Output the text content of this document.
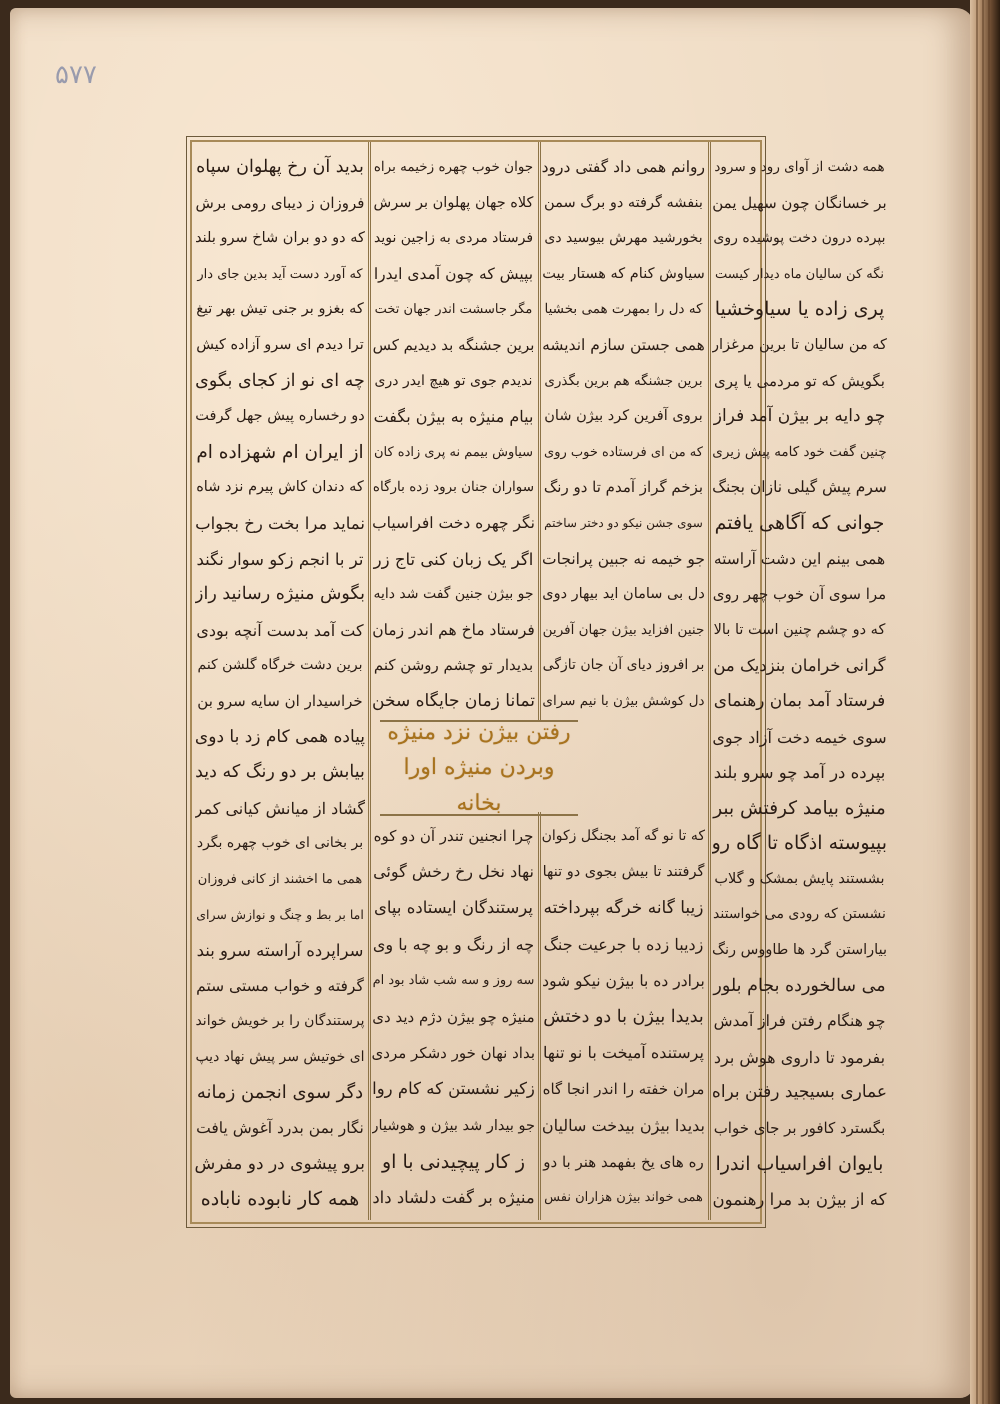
۵۷۷
رفتن بیژن نزد منیژه وبردن منیژه اورا بخانه
بدید آن رخ پهلوان سپاه
فروزان ز دیبای رومی برش
که دو دو بران شاخ سرو بلند
که آورد دست آید بدین جای دار
که بغزو بر جنی تیش بهر تیغ
ترا دیدم ای سرو آزاده کیش
چه ای نو از کجای بگوی
دو رخساره پیش جهل گرفت
از ایران ام شهزاده ام
که دندان کاش پیرم نزد شاه
نماید مرا بخت رخ بجواب
تر با انجم زکو سوار نگند
بگوش منیژه رسانید راز
کت آمد بدست آنچه بودی
برین دشت خرگاه گلشن کنم
خراسیدار ان سایه سرو بن
پیاده همی کام زد با دوی
بیابش بر دو رنگ که دید
گشاد از میانش کیانی کمر
بر بخانی ای خوب چهره بگرد
همی ما اخشند از کانی فروزان
اما بر بط و چنگ و نوازش سرای
سراپرده آراسته سرو بند
گرفته و خواب مستی ستم
پرستندگان را بر خویش خواند
ای خوتیش سر پیش نهاد دیپ
دگر سوی انجمن زمانه
نگار بمن بدرد آغوش یافت
برو پیشوی در دو مفرش
همه کار نابوده ناباده
جوان خوب چهره زخیمه براه
کلاه جهان پهلوان بر سرش
فرستاد مردی به زاجین نوید
بپیش که چون آمدی ایدرا
مگر جاسشت اندر جهان تخت
برین جشنگه بد دیدیم کس
ندیدم جوی تو هیچ ایدر دری
بیام منیژه به بیژن بگفت
سیاوش بیمم نه پری زاده کان
سواران جنان برود زده بارگاه
نگر چهره دخت افراسیاب
اگر یک زبان کنی تاج زر
جو بیژن جنین گفت شد دایه
فرستاد ماخ هم اندر زمان
بدیدار تو چشم روشن کنم
تمانا زمان جایگاه سخن
روانم همی داد گفتی درود
بنفشه گرفته دو برگ سمن
بخورشید مهرش بیوسید دی
سیاوش کنام که هستار بیت
که دل را بمهرت همی بخشیا
همی جستن سازم اندیشه
برین جشنگه هم برین بگذری
بروی آفرین کرد بیژن شان
که من ای فرستاده خوب روی
بزخم گراز آمدم تا دو رنگ
سوی جشن نیکو دو دختر ساختم
جو خیمه نه جبین پرانجات
دل بی سامان اید بیهار دوی
جنین افزاید بیژن جهان آفرین
بر افروز دیای آن جان تازگی
دل کوشش بیژن با نیم سرای
که تا نو گه آمد بجنگل زکوان
گرفتند تا بیش بجوی دو تنها
زیبا گانه خرگه بپرداخته
زدیبا زده با جرعیت جنگ
برادر ده با بیژن نیکو شود
بدیدا بیژن با دو دختش
پرستنده آمیخت با نو تنها
مران خفته را اندر انجا گاه
بدیدا بیژن بیدخت سالیان
ره های یخ بفهمد هنر با دو
همی خواند بیژن هزاران نفس
چرا انجنین تندر آن دو کوه
نهاد نخل رخ رخش گوئی
پرستندگان ایستاده بپای
چه از رنگ و بو چه با وی
سه روز و سه شب شاد بود ام
منیژه چو بیژن دژم دید دی
بداد نهان خور دشکر مردی
زکیر نشستن که کام روا
جو بیدار شد بیژن و هوشیار
ز کار پیچیدنی با او
منیژه بر گفت دلشاد داد
همه دشت از آوای رود و سرود
بر خسانگان چون سهیل یمن
بپرده درون دخت پوشیده روی
نگه کن سالیان ماه دیدار کیست
پری زاده یا سیاوخشیا
که من سالیان تا برین مرغزار
بگویش که تو مردمی یا پری
چو دایه بر بیژن آمد فراز
چنین گفت خود کامه پیش زیری
سرم پیش گیلی نازان بجنگ
جوانی که آگاهی یافتم
همی بینم این دشت آراسته
مرا سوی آن خوب چهر روی
که دو چشم چنین است تا بالا
گرانی خرامان بنزدیک من
فرستاد آمد بمان رهنمای
سوی خیمه دخت آزاد جوی
بپرده در آمد چو سرو بلند
منیژه بیامد کرفتش ببر
بپیوسته اذگاه تا گاه رو
بشستند پایش بمشک و گلاب
نشستن که رودی می خواستند
بیاراستن گرد ها طاووس رنگ
می سالخورده بجام بلور
چو هنگام رفتن فراز آمدش
بفرمود تا داروی هوش برد
عماری بسیجید رفتن براه
بگسترد کافور بر جای خواب
بایوان افراسیاب اندرا
که از بیژن بد مرا رهنمون
